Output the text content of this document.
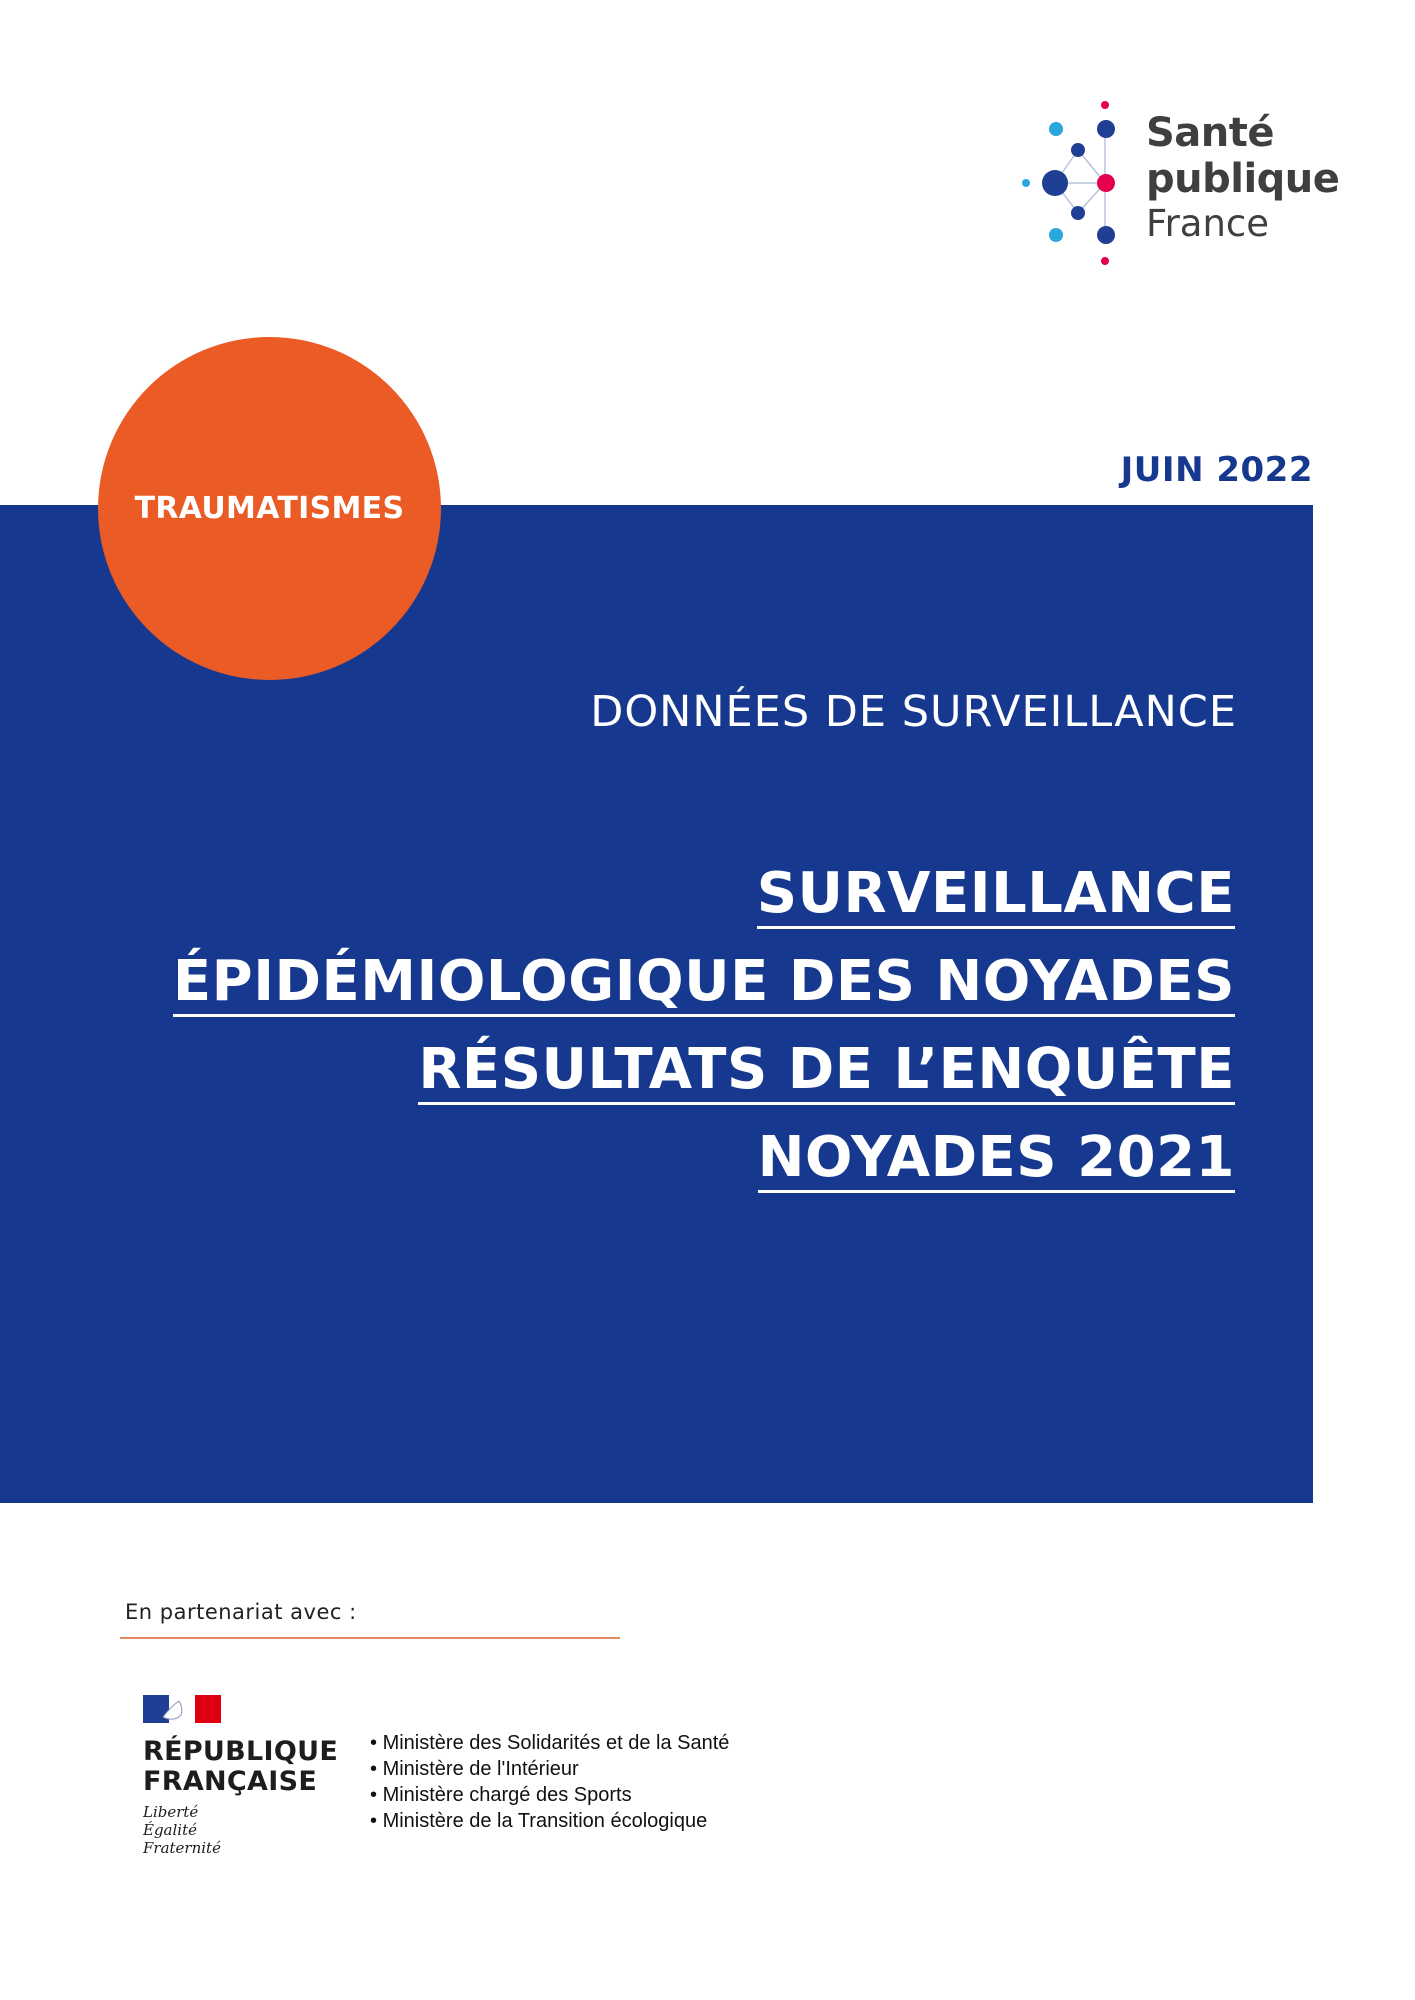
Santé
publique
France
JUIN 2022
TRAUMATISMES
DONNÉES DE SURVEILLANCE
SURVEILLANCE
ÉPIDÉMIOLOGIQUE DES NOYADES
RÉSULTATS DE L’ENQUÊTE
NOYADES 2021
En partenariat avec :
RÉPUBLIQUE
FRANÇAISE
Liberté
Égalité
Fraternité
• Ministère des Solidarités et de la Santé
• Ministère de l'Intérieur
• Ministère chargé des Sports
• Ministère de la Transition écologique
